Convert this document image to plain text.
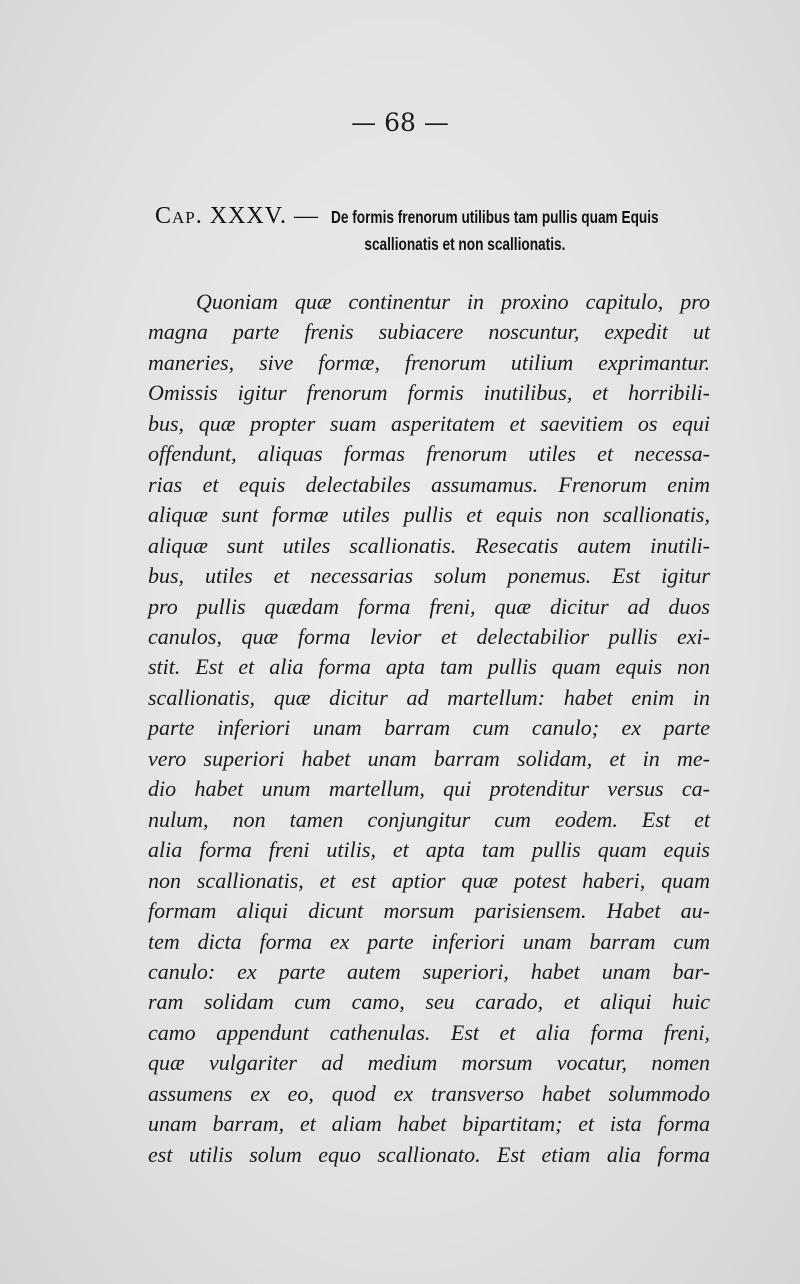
— 68 —
Cap. XXXV. — De formis frenorum utilibus tam pullis quam Equis
scallionatis et non scallionatis.
Quoniam quæ continentur in proxino capitulo, pro
magna parte frenis subiacere noscuntur, expedit ut
maneries, sive formæ, frenorum utilium exprimantur.
Omissis igitur frenorum formis inutilibus, et horribili-
bus, quæ propter suam asperitatem et saevitiem os equi
offendunt, aliquas formas frenorum utiles et necessa-
rias et equis delectabiles assumamus. Frenorum enim
aliquæ sunt formæ utiles pullis et equis non scallionatis,
aliquæ sunt utiles scallionatis. Resecatis autem inutili-
bus, utiles et necessarias solum ponemus. Est igitur
pro pullis quædam forma freni, quæ dicitur ad duos
canulos, quæ forma levior et delectabilior pullis exi-
stit. Est et alia forma apta tam pullis quam equis non
scallionatis, quæ dicitur ad martellum: habet enim in
parte inferiori unam barram cum canulo; ex parte
vero superiori habet unam barram solidam, et in me-
dio habet unum martellum, qui protenditur versus ca-
nulum, non tamen conjungitur cum eodem. Est et
alia forma freni utilis, et apta tam pullis quam equis
non scallionatis, et est aptior quæ potest haberi, quam
formam aliqui dicunt morsum parisiensem. Habet au-
tem dicta forma ex parte inferiori unam barram cum
canulo: ex parte autem superiori, habet unam bar-
ram solidam cum camo, seu carado, et aliqui huic
camo appendunt cathenulas. Est et alia forma freni,
quæ vulgariter ad medium morsum vocatur, nomen
assumens ex eo, quod ex transverso habet solummodo
unam barram, et aliam habet bipartitam; et ista forma
est utilis solum equo scallionato. Est etiam alia forma
